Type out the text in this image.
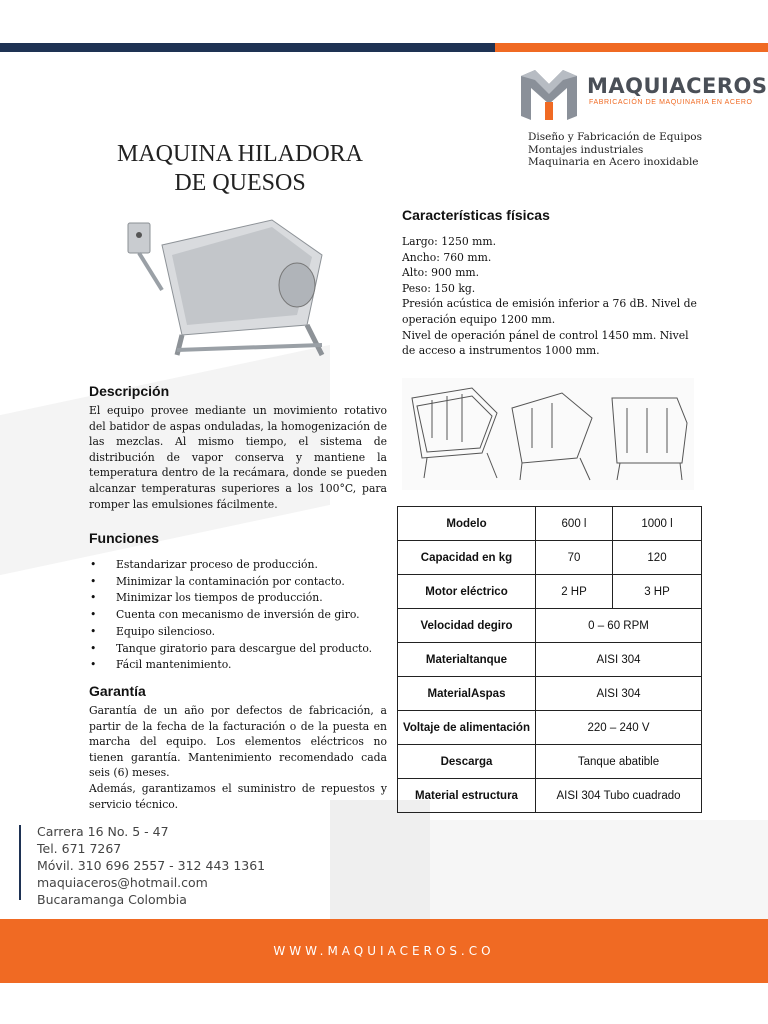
MAQUIACEROS
FABRICACIÓN DE MAQUINARIA EN ACERO
Diseño y Fabricación de Equipos
Montajes industriales
Maquinaria en Acero inoxidable
MAQUINA HILADORA
DE QUESOS
Características físicas
Largo: 1250 mm.
Ancho: 760 mm.
Alto: 900 mm.
Peso: 150 kg.
Presión acústica de emisión inferior a 76 dB. Nivel de operación equipo 1200 mm.
Nivel de operación pánel de control 1450 mm. Nivel de acceso a instrumentos 1000 mm.
Descripción
El equipo provee mediante un movimiento rotativo del batidor de aspas onduladas, la homogenización de las mezclas. Al mismo tiempo, el sistema de distribución de vapor conserva y mantiene la temperatura dentro de la recámara, donde se pueden alcanzar temperaturas superiores a los 100°C, para romper las emulsiones fácilmente.
Funciones
• Estandarizar proceso de producción.
• Minimizar la contaminación por contacto.
• Minimizar los tiempos de producción.
• Cuenta con mecanismo de inversión de giro.
• Equipo silencioso.
• Tanque giratorio para descargue del producto.
• Fácil mantenimiento.
Garantía
Garantía de un año por defectos de fabricación, a partir de la fecha de la facturación o de la puesta en marcha del equipo. Los elementos eléctricos no tienen garantía. Mantenimiento recomendado cada seis (6) meses.
Además, garantizamos el suministro de repuestos y servicio técnico.
Modelo	600 l	1000 l
Capacidad en kg	70	120
Motor eléctrico	2 HP	3 HP
Velocidad degiro	0 – 60 RPM	
Materialtanque	AISI 304	
MaterialAspas	AISI 304	
Voltaje de alimentación	220 – 240 V	
Descarga	Tanque abatible	
Material estructura	AISI 304 Tubo cuadrado	
Carrera 16 No. 5 - 47
Tel. 671 7267
Móvil. 310 696 2557 - 312 443 1361
maquiaceros@hotmail.com
Bucaramanga Colombia
WWW.MAQUIACEROS.CO
